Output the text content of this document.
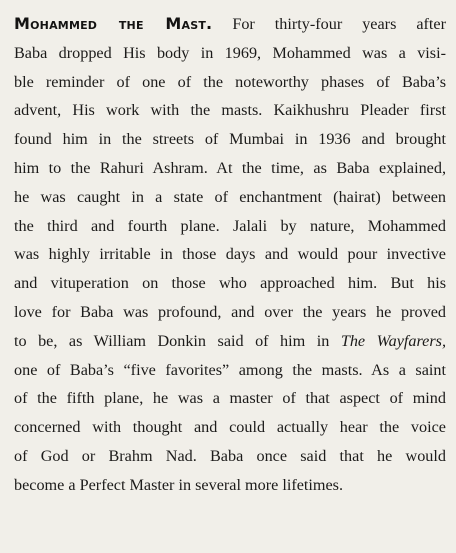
Mohammed the Mast. For thirty-four years after
Baba dropped His body in 1969, Mohammed was a visi-
ble reminder of one of the noteworthy phases of Baba’s
advent, His work with the masts. Kaikhushru Pleader first
found him in the streets of Mumbai in 1936 and brought
him to the Rahuri Ashram. At the time, as Baba explained,
he was caught in a state of enchantment (hairat) between
the third and fourth plane. Jalali by nature, Mohammed
was highly irritable in those days and would pour invective
and vituperation on those who approached him. But his
love for Baba was profound, and over the years he proved
to be, as William Donkin said of him in The Wayfarers,
one of Baba’s “five favorites” among the masts. As a saint
of the fifth plane, he was a master of that aspect of mind
concerned with thought and could actually hear the voice
of God or Brahm Nad. Baba once said that he would
become a Perfect Master in several more lifetimes.
